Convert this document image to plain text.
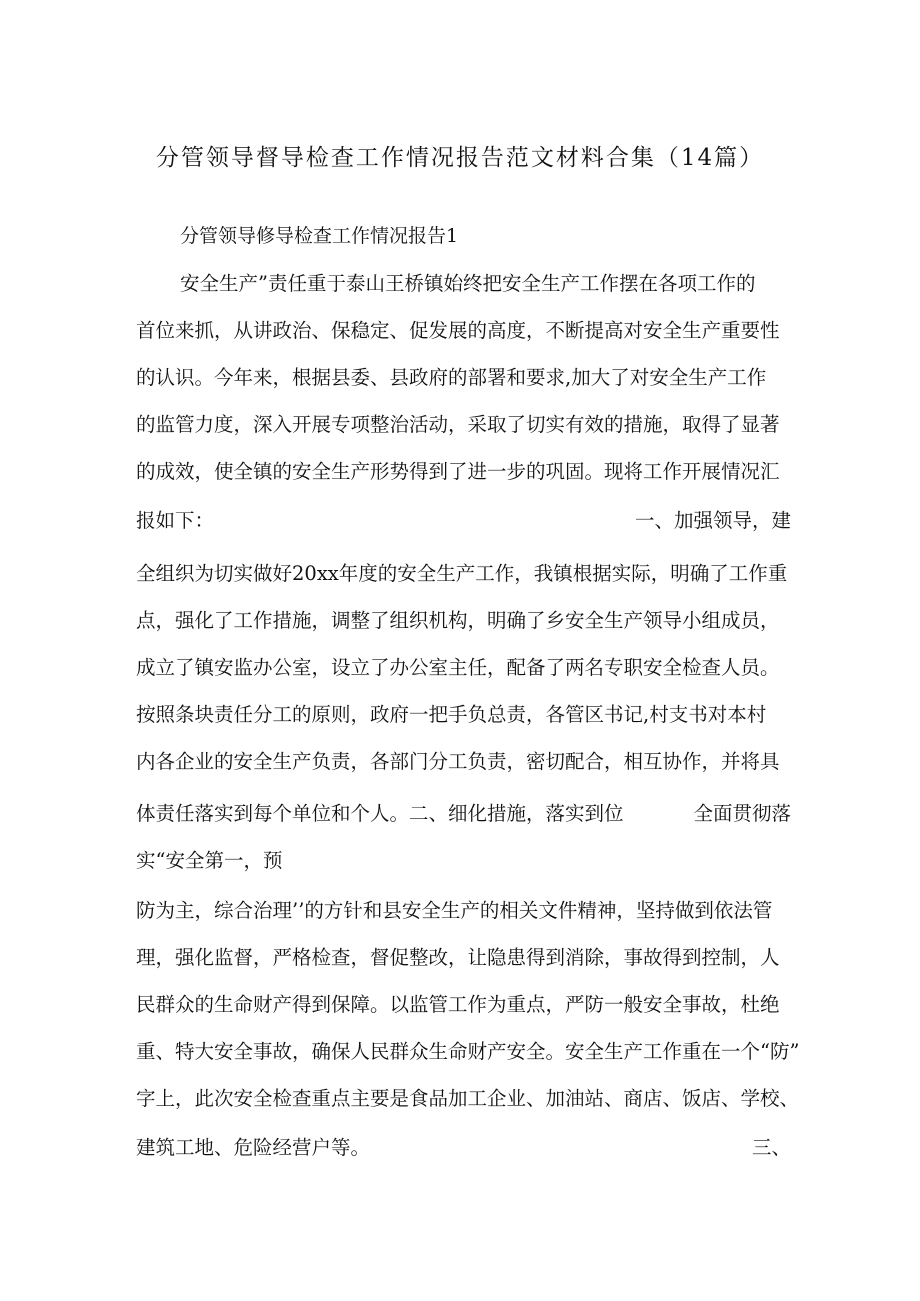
分管领导督导检查工作情况报告范文材料合集（14篇）
分管领导修导检查工作情况报告1
安全生产”责任重于泰山王桥镇始终把安全生产工作摆在各项工作的
首位来抓，从讲政治、保稳定、促发展的高度，不断提高对安全生产重要性
的认识。今年来，根据县委、县政府的部署和要求,加大了对安全生产工作
的监管力度，深入开展专项整治活动，采取了切实有效的措施，取得了显著
的成效，使全镇的安全生产形势得到了进一步的巩固。现将工作开展情况汇
报如下：	一、加强领导，建
全组织为切实做好20xx年度的安全生产工作，我镇根据实际，明确了工作重
点，强化了工作措施，调整了组织机构，明确了乡安全生产领导小组成员，
成立了镇安监办公室，设立了办公室主任，配备了两名专职安全检查人员。
按照条块责任分工的原则，政府一把手负总责，各管区书记,村支书对本村
内各企业的安全生产负责，各部门分工负责，密切配合，相互协作，并将具
体责任落实到每个单位和个人。二、细化措施，落实到位	全面贯彻落
实“安全第一，预
防为主，综合治理’’的方针和县安全生产的相关文件精神，坚持做到依法管
理，强化监督，严格检查，督促整改，让隐患得到消除，事故得到控制，人
民群众的生命财产得到保障。以监管工作为重点，严防一般安全事故，杜绝
重、特大安全事故，确保人民群众生命财产安全。安全生产工作重在一个“防”
字上，此次安全检查重点主要是食品加工企业、加油站、商店、饭店、学校、
建筑工地、危险经营户等。	三、
